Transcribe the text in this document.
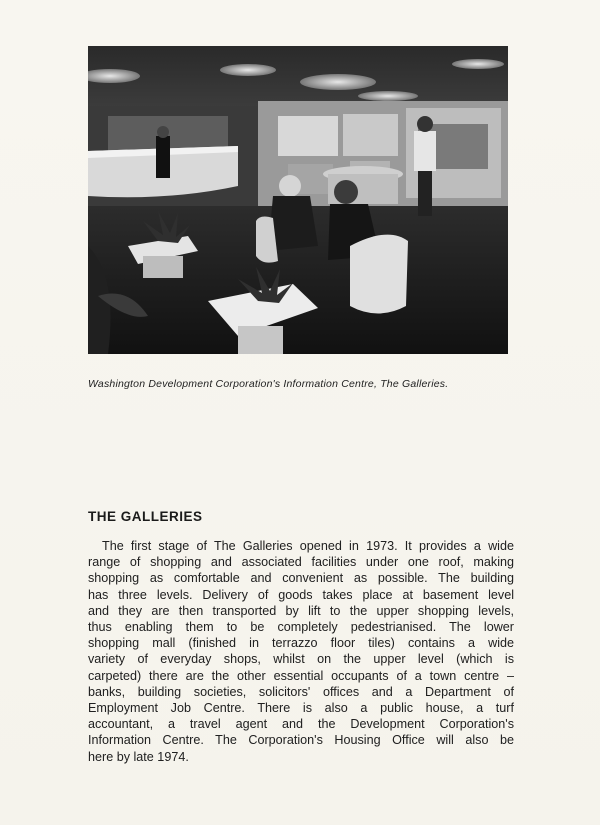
Washington Development Corporation's Information Centre, The Galleries.
THE GALLERIES
The first stage of The Galleries opened in 1973. It provides a wide
range of shopping and associated facilities under one roof, making
shopping as comfortable and convenient as possible. The building
has three levels. Delivery of goods takes place at basement level
and they are then transported by lift to the upper shopping levels,
thus enabling them to be completely pedestrianised. The lower
shopping mall (finished in terrazzo floor tiles) contains a wide
variety of everyday shops, whilst on the upper level (which is
carpeted) there are the other essential occupants of a town centre –
banks, building societies, solicitors' offices and a Department of
Employment Job Centre. There is also a public house, a turf
accountant, a travel agent and the Development Corporation's
Information Centre. The Corporation's Housing Office will also be
here by late 1974.
